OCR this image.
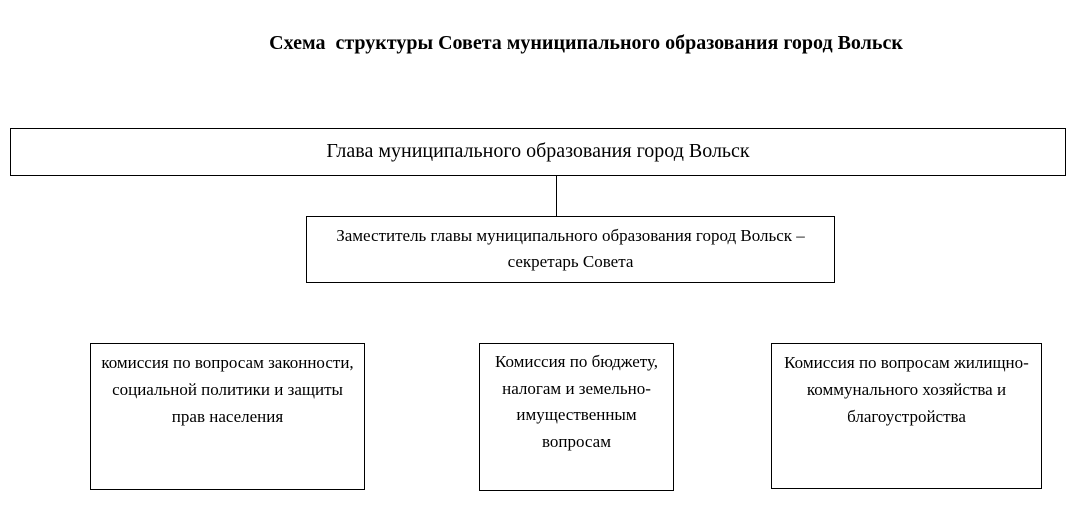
Схема  структуры Совета муниципального образования город Вольск
Глава муниципального образования город Вольск
Заместитель главы муниципального образования город Вольск – секретарь Совета
комиссия по вопросам законности, социальной политики и защиты прав населения
Комиссия по бюджету, налогам и земельно-имущественным вопросам
Комиссия по вопросам жилищно-коммунального хозяйства и благоустройства
